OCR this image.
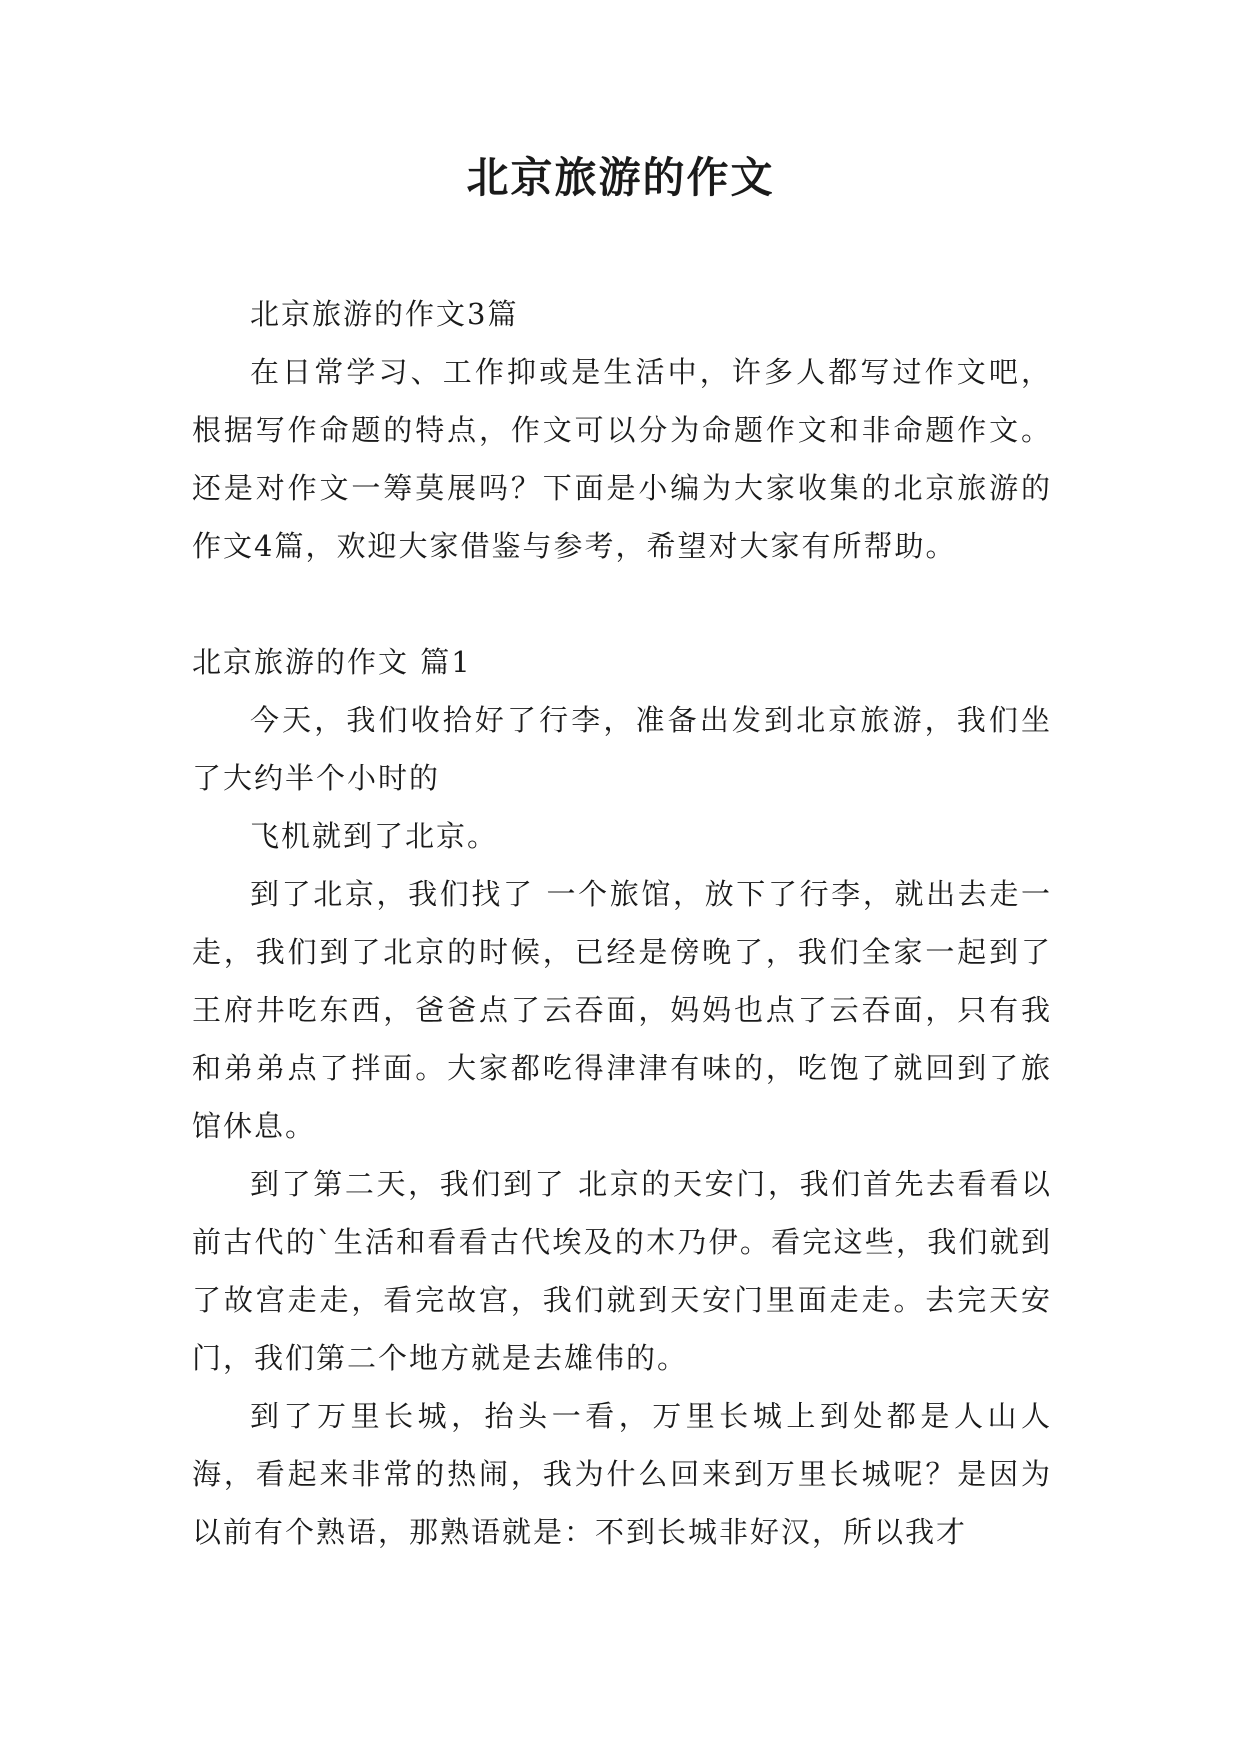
北京旅游的作文

北京旅游的作文3篇

在日常学习、工作抑或是生活中，许多人都写过作文吧，根据写作命题的特点，作文可以分为命题作文和非命题作文。还是对作文一筹莫展吗？下面是小编为大家收集的北京旅游的作文4篇，欢迎大家借鉴与参考，希望对大家有所帮助。

北京旅游的作文 篇1

今天，我们收拾好了行李，准备出发到北京旅游，我们坐了大约半个小时的

飞机就到了北京。

到了北京，我们找了 一个旅馆，放下了行李，就出去走一走，我们到了北京的时候，已经是傍晚了，我们全家一起到了王府井吃东西，爸爸点了云吞面，妈妈也点了云吞面，只有我和弟弟点了拌面。大家都吃得津津有味的，吃饱了就回到了旅馆休息。

到了第二天，我们到了 北京的天安门，我们首先去看看以前古代的`生活和看看古代埃及的木乃伊。看完这些，我们就到了故宫走走，看完故宫，我们就到天安门里面走走。去完天安门，我们第二个地方就是去雄伟的。

到了万里长城，抬头一看，万里长城上到处都是人山人海，看起来非常的热闹，我为什么回来到万里长城呢？是因为以前有个熟语，那熟语就是：不到长城非好汉，所以我才
